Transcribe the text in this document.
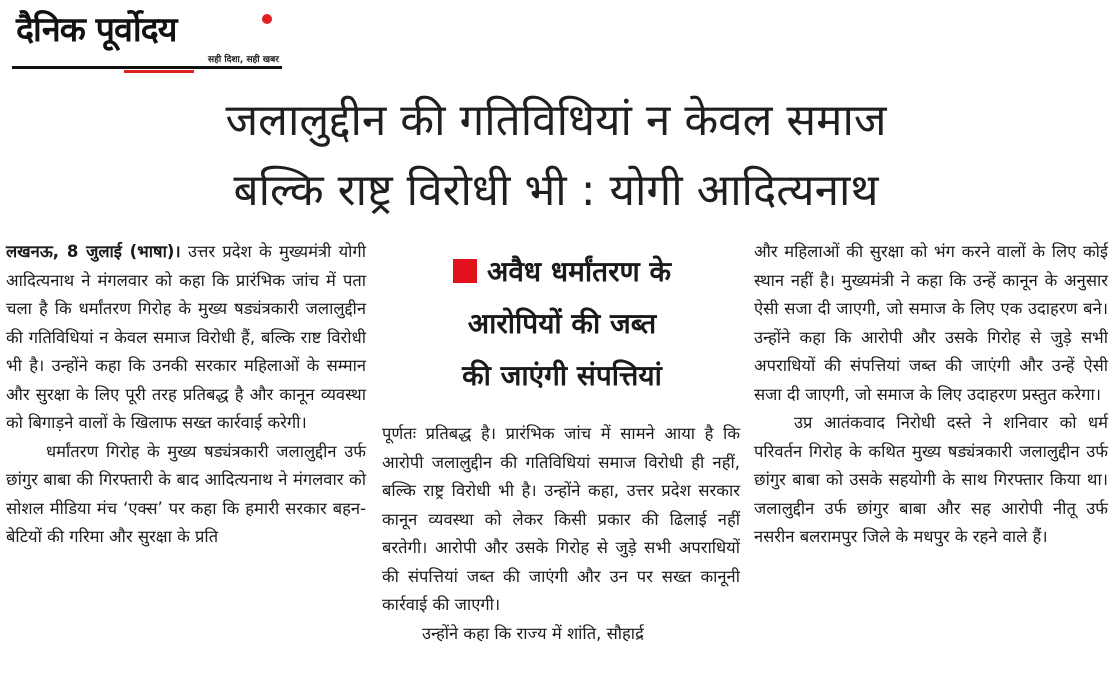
दैनिक पूर्वोदय
सही दिशा, सही खबर
जलालुद्दीन की गतिविधियां न केवल समाज
बल्कि राष्ट्र विरोधी भी : योगी आदित्यनाथ

लखनऊ, 8 जुलाई (भाषा)। उत्तर प्रदेश के मुख्यमंत्री योगी आदित्यनाथ ने मंगलवार को कहा कि प्रारंभिक जांच में पता चला है कि धर्मांतरण गिरोह के मुख्य षड्यंत्रकारी जलालुद्दीन की गतिविधियां न केवल समाज विरोधी हैं, बल्कि राष्ट विरोधी भी है। उन्होंने कहा कि उनकी सरकार महिलाओं के सम्मान और सुरक्षा के लिए पूरी तरह प्रतिबद्ध है और कानून व्यवस्था को बिगाड़ने वालों के खिलाफ सख्त कार्रवाई करेगी।

धर्मांतरण गिरोह के मुख्य षड्यंत्रकारी जलालुद्दीन उर्फ छांगुर बाबा की गिरफ्तारी के बाद आदित्यनाथ ने मंगलवार को सोशल मीडिया मंच ‘एक्स’ पर कहा कि हमारी सरकार बहन-बेटियों की गरिमा और सुरक्षा के प्रति

अवैध धर्मांतरण के
आरोपियों की जब्त
की जाएंगी संपत्तियां

पूर्णतः प्रतिबद्ध है। प्रारंभिक जांच में सामने आया है कि आरोपी जलालुद्दीन की गतिविधियां समाज विरोधी ही नहीं, बल्कि राष्ट्र विरोधी भी है। उन्होंने कहा, उत्तर प्रदेश सरकार कानून व्यवस्था को लेकर किसी प्रकार की ढिलाई नहीं बरतेगी। आरोपी और उसके गिरोह से जुड़े सभी अपराधियों की संपत्तियां जब्त की जाएंगी और उन पर सख्त कानूनी कार्रवाई की जाएगी।

उन्होंने कहा कि राज्य में शांति, सौहार्द्र

और महिलाओं की सुरक्षा को भंग करने वालों के लिए कोई स्थान नहीं है। मुख्यमंत्री ने कहा कि उन्हें कानून के अनुसार ऐसी सजा दी जाएगी, जो समाज के लिए एक उदाहरण बने। उन्होंने कहा कि आरोपी और उसके गिरोह से जुड़े सभी अपराधियों की संपत्तियां जब्त की जाएंगी और उन्हें ऐसी सजा दी जाएगी, जो समाज के लिए उदाहरण प्रस्तुत करेगा।

उप्र आतंकवाद निरोधी दस्ते ने शनिवार को धर्म परिवर्तन गिरोह के कथित मुख्य षड्यंत्रकारी जलालुद्दीन उर्फ छांगुर बाबा को उसके सहयोगी के साथ गिरफ्तार किया था। जलालुद्दीन उर्फ छांगुर बाबा और सह आरोपी नीतू उर्फ नसरीन बलरामपुर जिले के मधपुर के रहने वाले हैं।
